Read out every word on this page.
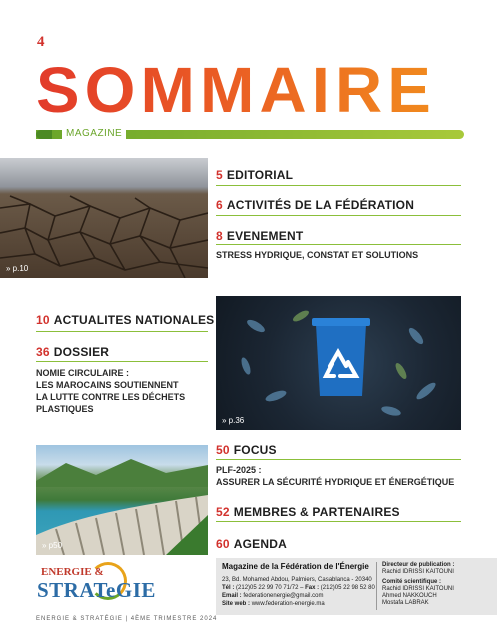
4
SOMMAIRE
MAGAZINE
» p.10
» p.36
» p50
5 EDITORIAL
6 ACTIVITÉS DE LA FÉDÉRATION
8 EVENEMENT
STRESS HYDRIQUE, CONSTAT ET SOLUTIONS
10 ACTUALITES NATIONALES
36 DOSSIER
NOMIE CIRCULAIRE :
LES MAROCAINS SOUTIENNENT
LA LUTTE CONTRE LES DÉCHETS
PLASTIQUES
50 FOCUS
PLF-2025 :
ASSURER LA SÉCURITÉ HYDRIQUE ET ÉNERGÉTIQUE
52 MEMBRES & PARTENAIRES
60 AGENDA
ENERGIE &
STRATeGIE
Magazine de la Fédération de l'Énergie
23, Bd. Mohamed Abdou, Palmiers, Casablanca - 20340
Tél : (212)05 22 99 70 71/72 – Fax : (212)05 22 98 52 80
Email : federationenergie@gmail.com
Site web : www.federation-energie.ma
Directeur de publication :
Rachid IDRISSI KAITOUNI
Comité scientifique :
Rachid IDRISSI KAITOUNI
Ahmed NAKKOUCH
Mostafa LABRAK
ENERGIE & STRATÉGIE | 4ÈME TRIMESTRE 2024
